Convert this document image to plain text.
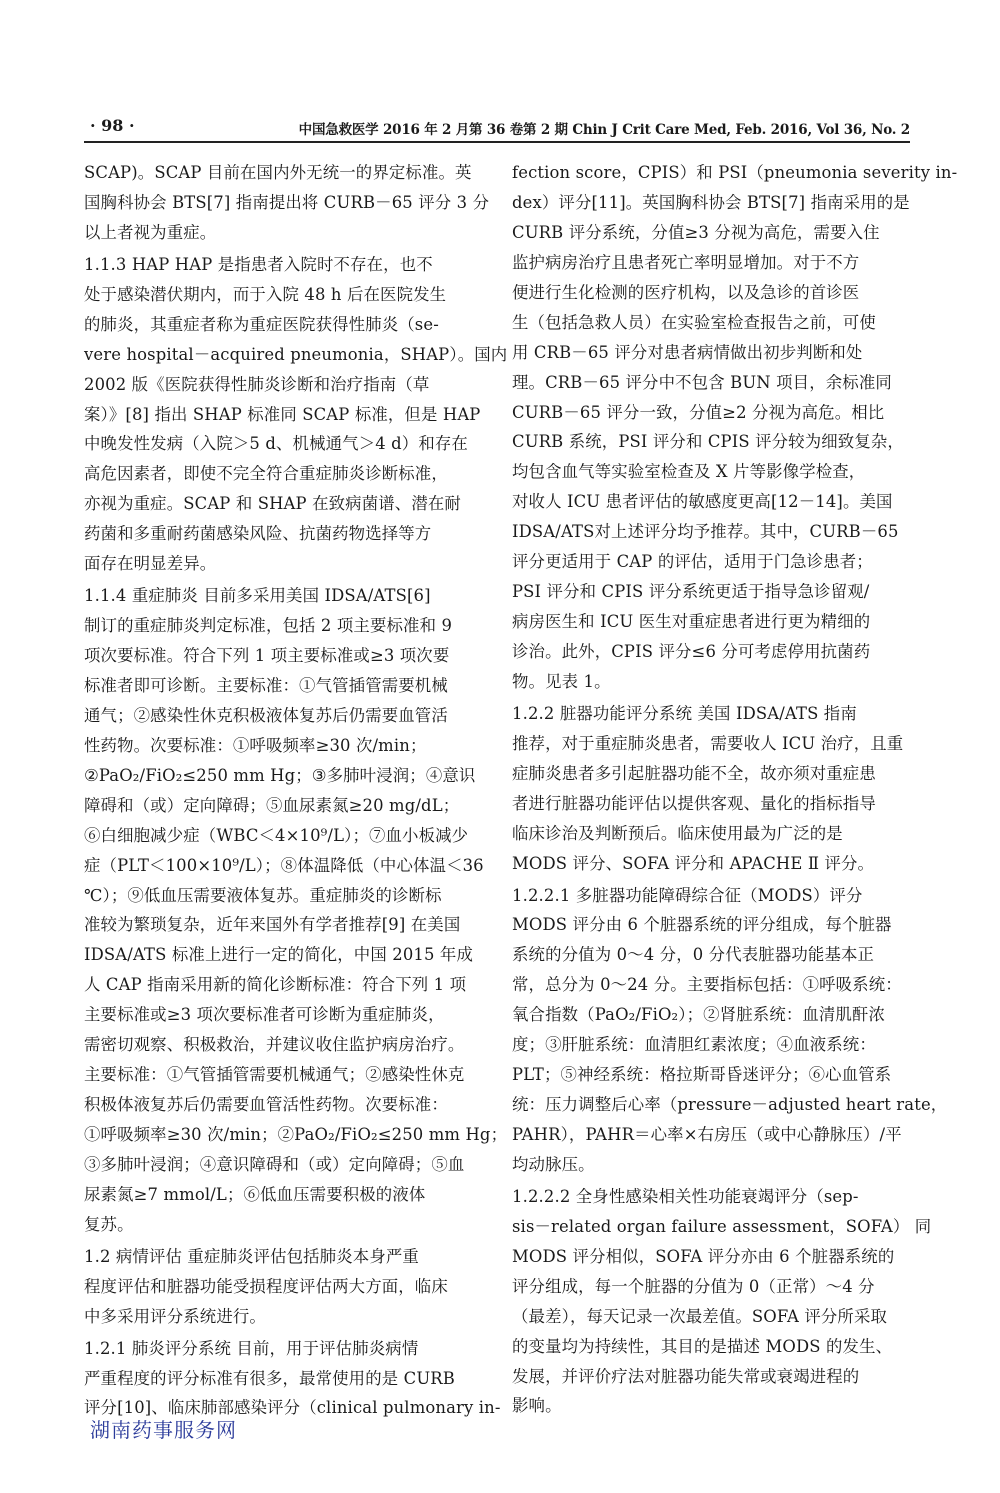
· 98 ·	中国急救医学 2016 年 2 月第 36 卷第 2 期 Chin J Crit Care Med, Feb. 2016, Vol 36, No. 2
SCAP)。SCAP 目前在国内外无统一的界定标准。英
国胸科协会 BTS[7] 指南提出将 CURB－65 评分 3 分
以上者视为重症。
1.1.3 HAP HAP 是指患者入院时不存在，也不
处于感染潜伏期内，而于入院 48 h 后在医院发生
的肺炎，其重症者称为重症医院获得性肺炎（se-
vere hospital－acquired pneumonia，SHAP）。国内
2002 版《医院获得性肺炎诊断和治疗指南（草
案）》[8] 指出 SHAP 标准同 SCAP 标准，但是 HAP
中晚发性发病（入院＞5 d、机械通气＞4 d）和存在
高危因素者，即使不完全符合重症肺炎诊断标准，
亦视为重症。SCAP 和 SHAP 在致病菌谱、潜在耐
药菌和多重耐药菌感染风险、抗菌药物选择等方
面存在明显差异。
1.1.4 重症肺炎 目前多采用美国 IDSA/ATS[6]
制订的重症肺炎判定标准，包括 2 项主要标准和 9
项次要标准。符合下列 1 项主要标准或≥3 项次要
标准者即可诊断。主要标准：①气管插管需要机械
通气；②感染性休克积极液体复苏后仍需要血管活
性药物。次要标准：①呼吸频率≥30 次/min；
②PaO₂/FiO₂≤250 mm Hg；③多肺叶浸润；④意识
障碍和（或）定向障碍；⑤血尿素氮≥20 mg/dL；
⑥白细胞减少症（WBC＜4×10⁹/L）；⑦血小板减少
症（PLT＜100×10⁹/L）；⑧体温降低（中心体温＜36
℃）；⑨低血压需要液体复苏。重症肺炎的诊断标
准较为繁琐复杂，近年来国外有学者推荐[9] 在美国
IDSA/ATS 标准上进行一定的简化，中国 2015 年成
人 CAP 指南采用新的简化诊断标准：符合下列 1 项
主要标准或≥3 项次要标准者可诊断为重症肺炎，
需密切观察、积极救治，并建议收住监护病房治疗。
主要标准：①气管插管需要机械通气；②感染性休克
积极体液复苏后仍需要血管活性药物。次要标准：
①呼吸频率≥30 次/min；②PaO₂/FiO₂≤250 mm Hg；
③多肺叶浸润；④意识障碍和（或）定向障碍；⑤血
尿素氮≥7 mmol/L；⑥低血压需要积极的液体
复苏。
1.2 病情评估 重症肺炎评估包括肺炎本身严重
程度评估和脏器功能受损程度评估两大方面，临床
中多采用评分系统进行。
1.2.1 肺炎评分系统 目前，用于评估肺炎病情
严重程度的评分标准有很多，最常使用的是 CURB
评分[10]、临床肺部感染评分（clinical pulmonary in-
fection score，CPIS）和 PSI（pneumonia severity in-
dex）评分[11]。英国胸科协会 BTS[7] 指南采用的是
CURB 评分系统，分值≥3 分视为高危，需要入住
监护病房治疗且患者死亡率明显增加。对于不方
便进行生化检测的医疗机构，以及急诊的首诊医
生（包括急救人员）在实验室检查报告之前，可使
用 CRB－65 评分对患者病情做出初步判断和处
理。CRB－65 评分中不包含 BUN 项目，余标准同
CURB－65 评分一致，分值≥2 分视为高危。相比
CURB 系统，PSI 评分和 CPIS 评分较为细致复杂，
均包含血气等实验室检查及 X 片等影像学检查，
对收人 ICU 患者评估的敏感度更高[12－14]。美国
IDSA/ATS对上述评分均予推荐。其中，CURB－65
评分更适用于 CAP 的评估，适用于门急诊患者；
PSI 评分和 CPIS 评分系统更适于指导急诊留观/
病房医生和 ICU 医生对重症患者进行更为精细的
诊治。此外，CPIS 评分≤6 分可考虑停用抗菌药
物。见表 1。
1.2.2 脏器功能评分系统 美国 IDSA/ATS 指南
推荐，对于重症肺炎患者，需要收人 ICU 治疗，且重
症肺炎患者多引起脏器功能不全，故亦须对重症患
者进行脏器功能评估以提供客观、量化的指标指导
临床诊治及判断预后。临床使用最为广泛的是
MODS 评分、SOFA 评分和 APACHE Ⅱ 评分。
1.2.2.1 多脏器功能障碍综合征（MODS）评分
MODS 评分由 6 个脏器系统的评分组成，每个脏器
系统的分值为 0～4 分，0 分代表脏器功能基本正
常，总分为 0～24 分。主要指标包括：①呼吸系统：
氧合指数（PaO₂/FiO₂）；②肾脏系统：血清肌酐浓
度；③肝脏系统：血清胆红素浓度；④血液系统：
PLT；⑤神经系统：格拉斯哥昏迷评分；⑥心血管系
统：压力调整后心率（pressure－adjusted heart rate，
PAHR），PAHR＝心率×右房压（或中心静脉压）/平
均动脉压。
1.2.2.2 全身性感染相关性功能衰竭评分（sep-
sis－related organ failure assessment，SOFA） 同
MODS 评分相似，SOFA 评分亦由 6 个脏器系统的
评分组成，每一个脏器的分值为 0（正常）～4 分
（最差），每天记录一次最差值。SOFA 评分所采取
的变量均为持续性，其目的是描述 MODS 的发生、
发展，并评价疗法对脏器功能失常或衰竭进程的
影响。
湖南药事服务网
